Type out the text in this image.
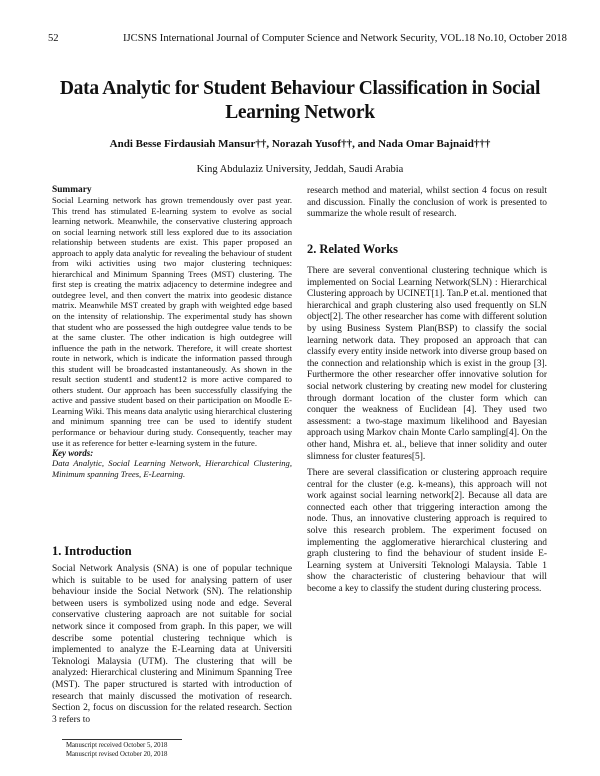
52	IJCSNS International Journal of Computer Science and Network Security, VOL.18 No.10, October 2018
Data Analytic for Student Behaviour Classification in Social Learning Network
Andi Besse Firdausiah Mansur††, Norazah Yusof††, and Nada Omar Bajnaid†††
King Abdulaziz University, Jeddah, Saudi Arabia
Summary

Social Learning network has grown tremendously over past year. This trend has stimulated E-learning system to evolve as social learning network. Meanwhile, the conservative clustering approach on social learning network still less explored due to its association relationship between students are exist. This paper proposed an approach to apply data analytic for revealing the behaviour of student from wiki activities using two major clustering techniques: hierarchical and Minimum Spanning Trees (MST) clustering. The first step is creating the matrix adjacency to determine indegree and outdegree level, and then convert the matrix into geodesic distance matrix. Meanwhile MST created by graph with weighted edge based on the intensity of relationship. The experimental study has shown that student who are possessed the high outdegree value tends to be at the same cluster. The other indication is high outdegree will influence the path in the network. Therefore, it will create shortest route in network, which is indicate the information passed through this student will be broadcasted instantaneously. As shown in the result section student1 and student12 is more active compared to others student. Our approach has been successfully classifying the active and passive student based on their participation on Moodle E-Learning Wiki. This means data analytic using hierarchical clustering and minimum spanning tree can be used to identify student performance or behaviour during study. Consequently, teacher may use it as reference for better e-learning system in the future.

Key words:

Data Analytic, Social Learning Network, Hierarchical Clustering, Minimum spanning Trees, E-Learning.

1. Introduction

Social Network Analysis (SNA) is one of popular technique which is suitable to be used for analysing pattern of user behaviour inside the Social Network (SN). The relationship between users is symbolized using node and edge. Several conservative clustering aaproach are not suitable for social network since it composed from graph. In this paper, we will describe some potential clustering technique which is implemented to analyze the E-Learning data at Universiti Teknologi Malaysia (UTM). The clustering that will be analyzed: Hierarchical clustering and Minimum Spanning Tree (MST). The paper structured is started with introduction of research that mainly discussed the motivation of research. Section 2, focus on discussion for the related research. Section 3 refers to

research method and material, whilst section 4 focus on result and discussion. Finally the conclusion of work is presented to summarize the whole result of research.

2. Related Works

There are several conventional clustering technique which is implemented on Social Learning Network(SLN) : Hierarchical Clustering approach by UCINET[1]. Tan.P et.al. mentioned that hierarchical and graph clustering also used frequently on SLN object[2]. The other researcher has come with different solution by using Business System Plan(BSP) to classify the social learning network data. They proposed an approach that can classify every entity inside network into diverse group based on the connection and relationship which is exist in the group [3]. Furthermore the other researcher offer innovative solution for social network clustering by creating new model for clustering through dormant location of the cluster form which can conquer the weakness of Euclidean [4]. They used two assessment: a two-stage maximum likelihood and Bayesian approach using Markov chain Monte Carlo sampling[4]. On the other hand, Mishra et. al., believe that inner solidity and outer slimness for cluster features[5].

There are several classification or clustering approach require central for the cluster (e.g. k-means), this approach will not work against social learning network[2]. Because all data are connected each other that triggering interaction among the node. Thus, an innovative clustering approach is required to solve this research problem. The experiment focused on implementing the agglomerative hierarchical clustering and graph clustering to find the behaviour of student inside E-Learning system at Universiti Teknologi Malaysia. Table 1 show the characteristic of clustering behaviour that will become a key to classify the student during clustering process.

Manuscript received October 5, 2018
Manuscript revised October 20, 2018
